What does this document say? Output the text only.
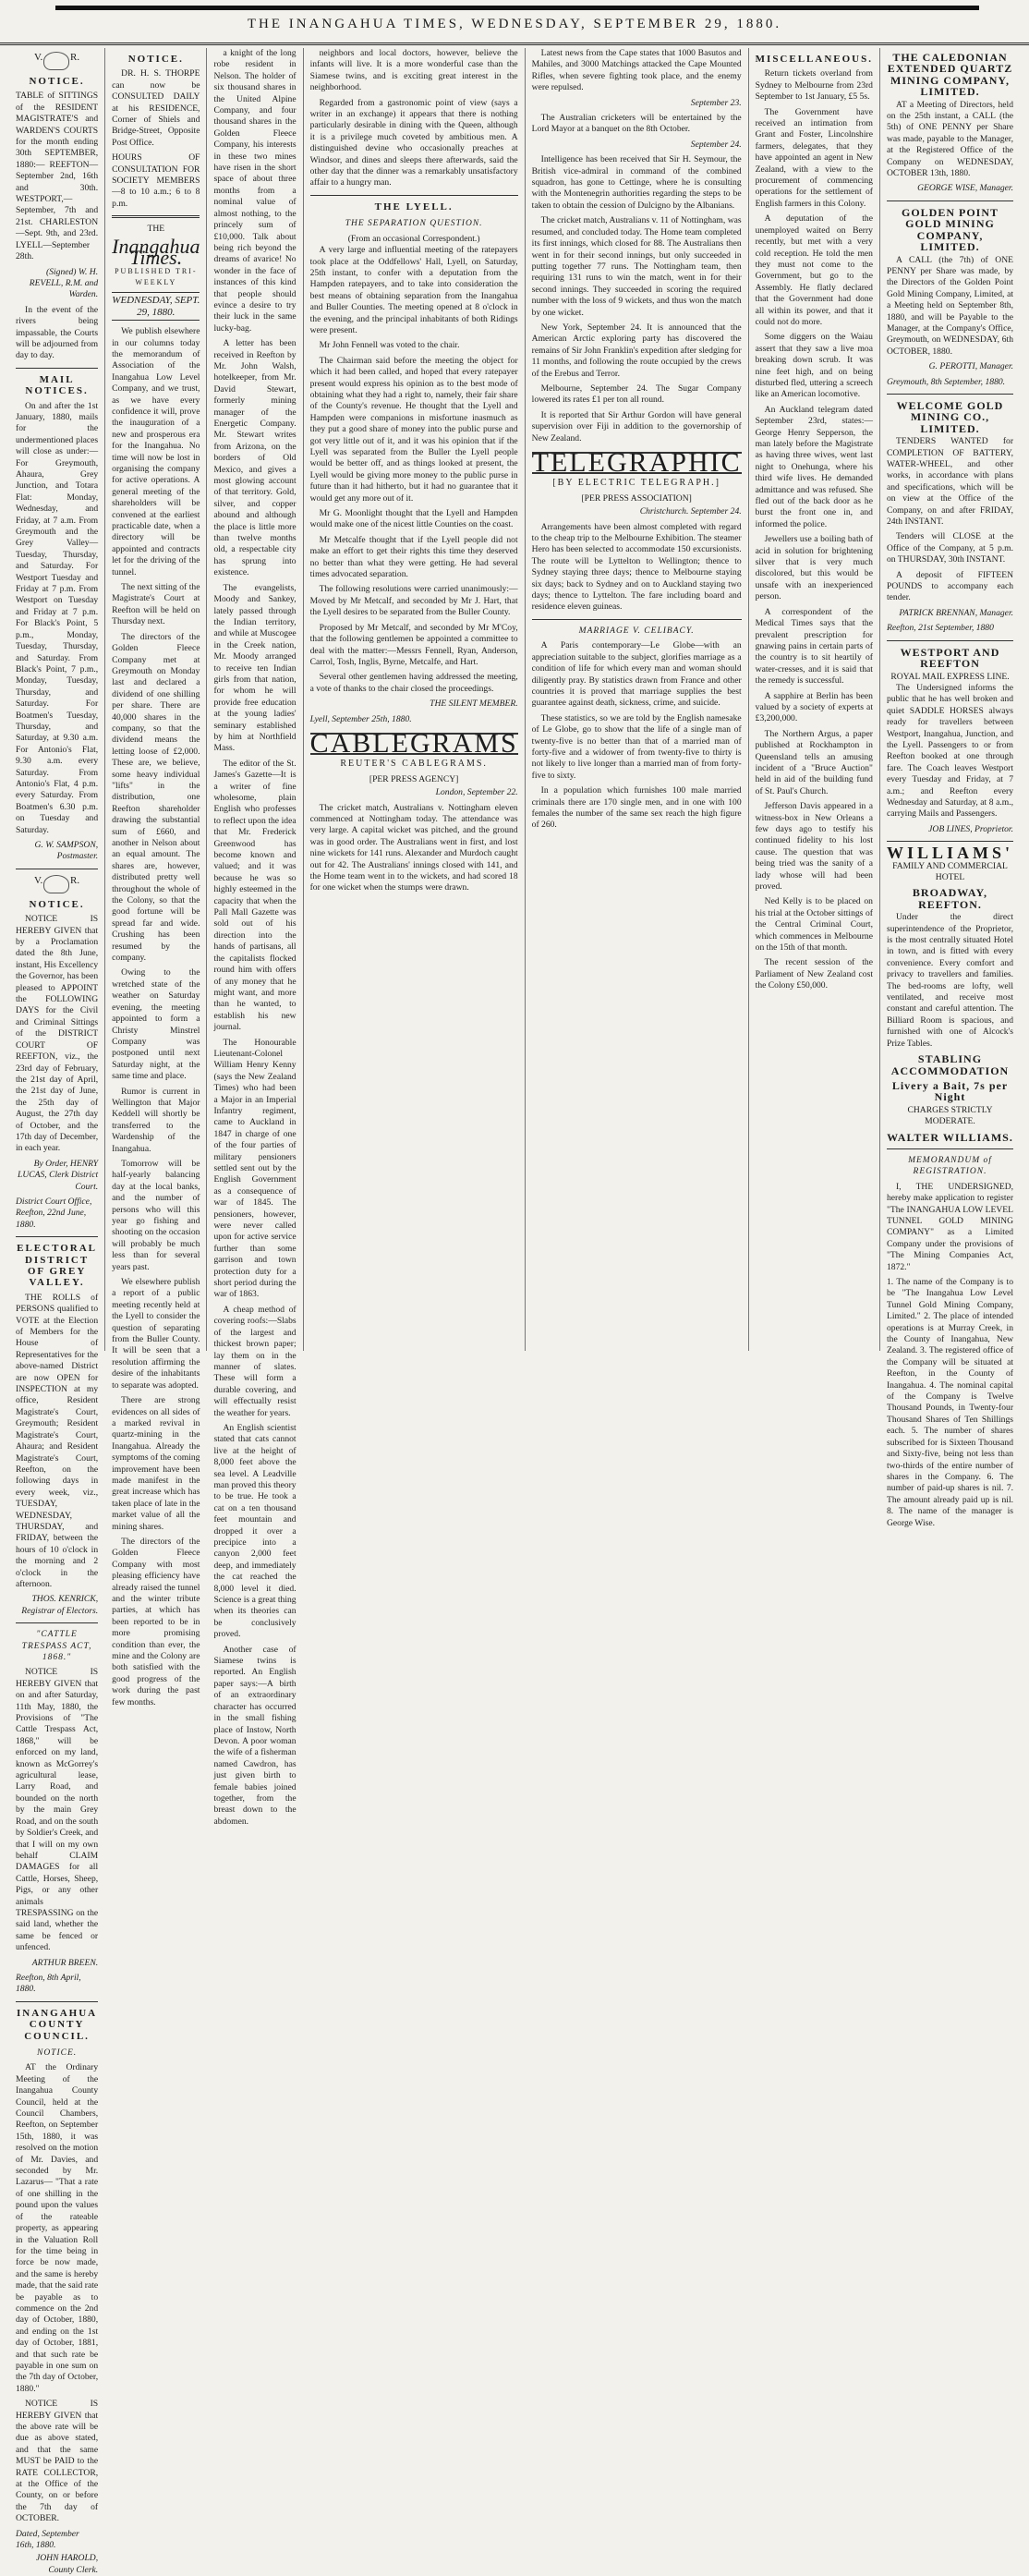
THE INANGAHUA TIMES, WEDNESDAY, SEPTEMBER 29, 1880.
V.	R.
NOTICE.

TABLE of SITTINGS of the RESIDENT MAGISTRATE'S and WARDEN'S COURTS for the month ending 30th SEPTEMBER, 1880:— REEFTON—September 2nd, 16th and 30th. WESTPORT,—September, 7th and 21st. CHARLESTON—Sept. 9th, and 23rd. LYELL—September 28th.

(Signed) W. H. REVELL, R.M. and Warden.

In the event of the rivers being impassable, the Courts will be adjourned from day to day.

MAIL NOTICES.

On and after the 1st January, 1880, mails for the undermentioned places will close as under:— For Greymouth, Ahaura, Grey Junction, and Totara Flat: Monday, Wednesday, and Friday, at 7 a.m. From Greymouth and the Grey Valley—Tuesday, Thursday, and Saturday. For Westport Tuesday and Friday at 7 p.m. From Westport on Tuesday and Friday at 7 p.m. For Black's Point, 5 p.m., Monday, Tuesday, Thursday, and Saturday. From Black's Point, 7 p.m., Monday, Tuesday, Thursday, and Saturday. For Boatmen's Tuesday, Thursday, and Saturday, at 9.30 a.m. For Antonio's Flat, 9.30 a.m. every Saturday. From Antonio's Flat, 4 p.m. every Saturday. From Boatmen's 6.30 p.m. on Tuesday and Saturday.

G. W. SAMPSON, Postmaster.
V.	R.
NOTICE.

NOTICE IS HEREBY GIVEN that by a Proclamation dated the 8th June, instant, His Excellency the Governor, has been pleased to APPOINT the FOLLOWING DAYS for the Civil and Criminal Sittings of the DISTRICT COURT OF REEFTON, viz., the 23rd day of February, the 21st day of April, the 21st day of June, the 25th day of August, the 27th day of October, and the 17th day of December, in each year.

By Order, HENRY LUCAS, Clerk District Court.
District Court Office, Reefton, 22nd June, 1880.
ELECTORAL DISTRICT OF GREY VALLEY.

THE ROLLS of PERSONS qualified to VOTE at the Election of Members for the House of Representatives for the above-named District are now OPEN for INSPECTION at my office, Resident Magistrate's Court, Greymouth; Resident Magistrate's Court, Ahaura; and Resident Magistrate's Court, Reefton, on the following days in every week, viz., TUESDAY, WEDNESDAY, THURSDAY, and FRIDAY, between the hours of 10 o'clock in the morning and 2 o'clock in the afternoon.

THOS. KENRICK, Registrar of Electors.
"CATTLE TRESPASS ACT, 1868."

NOTICE IS HEREBY GIVEN that on and after Saturday, 11th May, 1880, the Provisions of "The Cattle Trespass Act, 1868," will be enforced on my land, known as McGorrey's agricultural lease, Larry Road, and bounded on the north by the main Grey Road, and on the south by Soldier's Creek, and that I will on my own behalf CLAIM DAMAGES for all Cattle, Horses, Sheep, Pigs, or any other animals TRESPASSING on the said land, whether the same be fenced or unfenced.

ARTHUR BREEN.
Reefton, 8th April, 1880.
INANGAHUA COUNTY COUNCIL.
NOTICE.

AT the Ordinary Meeting of the Inangahua County Council, held at the Council Chambers, Reefton, on September 15th, 1880, it was resolved on the motion of Mr. Davies, and seconded by Mr. Lazarus— "That a rate of one shilling in the pound upon the values of the rateable property, as appearing in the Valuation Roll for the time being in force be now made, and the same is hereby made, that the said rate be payable as to commence on the 2nd day of October, 1880, and ending on the 1st day of October, 1881, and that such rate be payable in one sum on the 7th day of October, 1880."

NOTICE IS HEREBY GIVEN that the above rate will be due as above stated, and that the same MUST be PAID to the RATE COLLECTOR, at the Office of the County, on or before the 7th day of OCTOBER.

Dated, September 16th, 1880.
JOHN HAROLD, County Clerk.
NOTICE.

DR. H. S. THORPE can now be CONSULTED DAILY at his RESIDENCE, Corner of Shiels and Bridge-Street, Opposite Post Office.

HOURS OF CONSULTATION FOR SOCIETY MEMBERS—8 to 10 a.m.; 6 to 8 p.m.

THE
Inangahua Times.
PUBLISHED TRI-WEEKLY
WEDNESDAY, SEPT. 29, 1880.

We publish elsewhere in our columns today the memorandum of Association of the Inangahua Low Level Company, and we trust, as we have every confidence it will, prove the inauguration of a new and prosperous era for the Inangahua. No time will now be lost in organising the company for active operations. A general meeting of the shareholders will be convened at the earliest practicable date, when a directory will be appointed and contracts let for the driving of the tunnel.

The next sitting of the Magistrate's Court at Reefton will be held on Thursday next.

The directors of the Golden Fleece Company met at Greymouth on Monday last and declared a dividend of one shilling per share. There are 40,000 shares in the company, so that the dividend means the letting loose of £2,000. These are, we believe, some heavy individual "lifts" in the distribution, one Reefton shareholder drawing the substantial sum of £660, and another in Nelson about an equal amount. The shares are, however, distributed pretty well throughout the whole of the Colony, so that the good fortune will be spread far and wide. Crushing has been resumed by the company.

Owing to the wretched state of the weather on Saturday evening, the meeting appointed to form a Christy Minstrel Company was postponed until next Saturday night, at the same time and place.

Rumor is current in Wellington that Major Keddell will shortly be transferred to the Wardenship of the Inangahua.

Tomorrow will be half-yearly balancing day at the local banks, and the number of persons who will this year go fishing and shooting on the occasion will probably be much less than for several years past.

We elsewhere publish a report of a public meeting recently held at the Lyell to consider the question of separating from the Buller County. It will be seen that a resolution affirming the desire of the inhabitants to separate was adopted.

There are strong evidences on all sides of a marked revival in quartz-mining in the Inangahua. Already the symptoms of the coming improvement have been made manifest in the great increase which has taken place of late in the market value of all the mining shares.

The directors of the Golden Fleece Company with most pleasing efficiency have already raised the tunnel and the winter tribute parties, at which has been reported to be in more promising condition than ever, the mine and the Colony are both satisfied with the good progress of the work during the past few months.

a knight of the long robe resident in Nelson. The holder of six thousand shares in the United Alpine Company, and four thousand shares in the Golden Fleece Company, his interests in these two mines have risen in the short space of about three months from a nominal value of almost nothing, to the princely sum of £10,000. Talk about being rich beyond the dreams of avarice! No wonder in the face of instances of this kind that people should evince a desire to try their luck in the same lucky-bag.

A letter has been received in Reefton by Mr. John Walsh, hotelkeeper, from Mr. David Stewart, formerly mining manager of the Energetic Company. Mr. Stewart writes from Arizona, on the borders of Old Mexico, and gives a most glowing account of that territory. Gold, silver, and copper abound and although the place is little more than twelve months old, a respectable city has sprung into existence.

The evangelists, Moody and Sankey, lately passed through the Indian territory, and while at Muscogee in the Creek nation, Mr. Moody arranged to receive ten Indian girls from that nation, for whom he will provide free education at the young ladies' seminary established by him at Northfield Mass.

The editor of the St. James's Gazette—It is a writer of fine wholesome, plain English who professes to reflect upon the idea that Mr. Frederick Greenwood has become known and valued; and it was because he was so highly esteemed in the capacity that when the Pall Mall Gazette was sold out of his direction into the hands of partisans, all the capitalists flocked round him with offers of any money that he might want, and more than he wanted, to establish his new journal.

The Honourable Lieutenant-Colonel William Henry Kenny (says the New Zealand Times) who had been a Major in an Imperial Infantry regiment, came to Auckland in 1847 in charge of one of the four parties of military pensioners settled sent out by the English Government as a consequence of war of 1845. The pensioners, however, were never called upon for active service further than some garrison and town protection duty for a short period during the war of 1863.

A cheap method of covering roofs:—Slabs of the largest and thickest brown paper; lay them on in the manner of slates. These will form a durable covering, and will effectually resist the weather for years.

An English scientist stated that cats cannot live at the height of 8,000 feet above the sea level. A Leadville man proved this theory to be true. He took a cat on a ten thousand feet mountain and dropped it over a precipice into a canyon 2,000 feet deep, and immediately the cat reached the 8,000 level it died. Science is a great thing when its theories can be conclusively proved.

Another case of Siamese twins is reported. An English paper says:—A birth of an extraordinary character has occurred in the small fishing place of Instow, North Devon. A poor woman the wife of a fisherman named Cawdron, has just given birth to female babies joined together, from the breast down to the abdomen.

neighbors and local doctors, however, believe the infants will live. It is a more wonderful case than the Siamese twins, and is exciting great interest in the neighborhood.

Regarded from a gastronomic point of view (says a writer in an exchange) it appears that there is nothing particularly desirable in dining with the Queen, although it is a privilege much coveted by ambitious men. A distinguished devine who occasionally preaches at Windsor, and dines and sleeps there afterwards, said the other day that the dinner was a remarkably unsatisfactory affair to a hungry man.

THE LYELL.
THE SEPARATION QUESTION.
(From an occasional Correspondent.)

A very large and influential meeting of the ratepayers took place at the Oddfellows' Hall, Lyell, on Saturday, 25th instant, to confer with a deputation from the Hampden ratepayers, and to take into consideration the best means of obtaining separation from the Inangahua and Buller Counties. The meeting opened at 8 o'clock in the evening, and the principal inhabitants of both Ridings were present.

Mr John Fennell was voted to the chair.

The Chairman said before the meeting the object for which it had been called, and hoped that every ratepayer present would express his opinion as to the best mode of obtaining what they had a right to, namely, their fair share of the County's revenue. He thought that the Lyell and Hampden were companions in misfortune inasmuch as they put a good share of money into the public purse and got very little out of it, and it was his opinion that if the Lyell was separated from the Buller the Lyell people would be better off, and as things looked at present, the Lyell would be giving more money to the public purse in future than it had hitherto, but it had no guarantee that it would get any more out of it.

Mr G. Moonlight thought that the Lyell and Hampden would make one of the nicest little Counties on the coast.

Mr Metcalfe thought that if the Lyell people did not make an effort to get their rights this time they deserved no better than what they were getting. He had several times advocated separation.

The following resolutions were carried unanimously:— Moved by Mr Metcalf, and seconded by Mr J. Hart, that the Lyell desires to be separated from the Buller County.

Proposed by Mr Metcalf, and seconded by Mr M'Coy, that the following gentlemen be appointed a committee to deal with the matter:—Messrs Fennell, Ryan, Anderson, Carrol, Tosh, Inglis, Byrne, Metcalfe, and Hart.

Several other gentlemen having addressed the meeting, a vote of thanks to the chair closed the proceedings.

THE SILENT MEMBER.
Lyell, September 25th, 1880.
CABLEGRAMS
REUTER'S CABLEGRAMS.
[PER PRESS AGENCY]
London, September 22.

The cricket match, Australians v. Nottingham eleven commenced at Nottingham today. The attendance was very large. A capital wicket was pitched, and the ground was in good order. The Australians went in first, and lost nine wickets for 141 runs. Alexander and Murdoch caught out for 42. The Australians' innings closed with 141, and the Home team went in to the wickets, and had scored 18 for one wicket when the stumps were drawn.

Latest news from the Cape states that 1000 Basutos and Mahiles, and 3000 Matchings attacked the Cape Mounted Rifles, when severe fighting took place, and the enemy were repulsed.

September 23.

The Australian cricketers will be entertained by the Lord Mayor at a banquet on the 8th October.

September 24.

Intelligence has been received that Sir H. Seymour, the British vice-admiral in command of the combined squadron, has gone to Cettinge, where he is consulting with the Montenegrin authorities regarding the steps to be taken to obtain the cession of Dulcigno by the Albanians.

The cricket match, Australians v. 11 of Nottingham, was resumed, and concluded today. The Home team completed its first innings, which closed for 88. The Australians then went in for their second innings, but only succeeded in putting together 77 runs. The Nottingham team, then requiring 131 runs to win the match, went in for their second innings. They succeeded in scoring the required number with the loss of 9 wickets, and thus won the match by one wicket.

New York, September 24. It is announced that the American Arctic exploring party has discovered the remains of Sir John Franklin's expedition after sledging for 11 months, and following the route occupied by the crews of the Erebus and Terror.

Melbourne, September 24. The Sugar Company lowered its rates £1 per ton all round.

It is reported that Sir Arthur Gordon will have general supervision over Fiji in addition to the governorship of New Zealand.

TELEGRAPHIC
[BY ELECTRIC TELEGRAPH.]
[PER PRESS ASSOCIATION]
Christchurch. September 24.

Arrangements have been almost completed with regard to the cheap trip to the Melbourne Exhibition. The steamer Hero has been selected to accommodate 150 excursionists. The route will be Lyttelton to Wellington; thence to Sydney staying three days; thence to Melbourne staying six days; back to Sydney and on to Auckland staying two days; thence to Lyttelton. The fare including board and residence eleven guineas.

MARRIAGE V. CELIBACY.

A Paris contemporary—Le Globe—with an appreciation suitable to the subject, glorifies marriage as a condition of life for which every man and woman should diligently pray. By statistics drawn from France and other countries it is proved that marriage supplies the best guarantee against death, sickness, crime, and suicide.

These statistics, so we are told by the English namesake of Le Globe, go to show that the life of a single man of twenty-five is no better than that of a married man of forty-five and a widower of from twenty-five to thirty is not likely to live longer than a married man of from forty-five to sixty.

In a population which furnishes 100 male married criminals there are 170 single men, and in one with 100 females the number of the same sex reach the high figure of 260.

MISCELLANEOUS.

Return tickets overland from Sydney to Melbourne from 23rd September to 1st January, £5 5s.

The Government have received an intimation from Grant and Foster, Lincolnshire farmers, delegates, that they have appointed an agent in New Zealand, with a view to the procurement of commencing operations for the settlement of English farmers in this Colony.

A deputation of the unemployed waited on Berry recently, but met with a very cold reception. He told the men they must not come to the Government, but go to the Assembly. He flatly declared that the Government had done all within its power, and that it could not do more.

Some diggers on the Waiau assert that they saw a live moa breaking down scrub. It was nine feet high, and on being disturbed fled, uttering a screech like an American locomotive.

An Auckland telegram dated September 23rd, states:—George Henry Sepperson, the man lately before the Magistrate as having three wives, went last night to Onehunga, where his third wife lives. He demanded admittance and was refused. She fled out of the back door as he burst the front one in, and informed the police.

Jewellers use a boiling bath of acid in solution for brightening silver that is very much discolored, but this would be unsafe with an inexperienced person.

A correspondent of the Medical Times says that the prevalent prescription for gnawing pains in certain parts of the country is to sit heartily of water-cresses, and it is said that the remedy is successful.

A sapphire at Berlin has been valued by a society of experts at £3,200,000.

The Northern Argus, a paper published at Rockhampton in Queensland tells an amusing incident of a "Bruce Auction" held in aid of the building fund of St. Paul's Church.

Jefferson Davis appeared in a witness-box in New Orleans a few days ago to testify his continued fidelity to his lost cause. The question that was being tried was the sanity of a lady whose will had been proved.

Ned Kelly is to be placed on his trial at the October sittings of the Central Criminal Court, which commences in Melbourne on the 15th of that month.

The recent session of the Parliament of New Zealand cost the Colony £50,000.

THE CALEDONIAN EXTENDED QUARTZ MINING COMPANY, LIMITED.

AT a Meeting of Directors, held on the 25th instant, a CALL (the 5th) of ONE PENNY per Share was made, payable to the Manager, at the Registered Office of the Company on WEDNESDAY, OCTOBER 13th, 1880.

GEORGE WISE, Manager.
GOLDEN POINT GOLD MINING COMPANY, LIMITED.

A CALL (the 7th) of ONE PENNY per Share was made, by the Directors of the Golden Point Gold Mining Company, Limited, at a Meeting held on September 8th, 1880, and will be Payable to the Manager, at the Company's Office, Greymouth, on WEDNESDAY, 6th OCTOBER, 1880.

G. PEROTTI, Manager.
Greymouth, 8th September, 1880.
WELCOME GOLD MINING CO., LIMITED.

TENDERS WANTED for COMPLETION OF BATTERY, WATER-WHEEL, and other works, in accordance with plans and specifications, which will be on view at the Office of the Company, on and after FRIDAY, 24th INSTANT.

Tenders will CLOSE at the Office of the Company, at 5 p.m. on THURSDAY, 30th INSTANT.

A deposit of FIFTEEN POUNDS to accompany each tender.

PATRICK BRENNAN, Manager.
Reefton, 21st September, 1880
WESTPORT AND REEFTON
ROYAL MAIL EXPRESS LINE.

The Undersigned informs the public that he has well broken and quiet SADDLE HORSES always ready for travellers between Westport, Inangahua, Junction, and the Lyell. Passengers to or from Reefton booked at one through fare. The Coach leaves Westport every Tuesday and Friday, at 7 a.m.; and Reefton every Wednesday and Saturday, at 8 a.m., carrying Mails and Passengers.

JOB LINES, Proprietor.
WILLIAMS'
FAMILY AND COMMERCIAL HOTEL
BROADWAY, REEFTON.

Under the direct superintendence of the Proprietor, is the most centrally situated Hotel in town, and is fitted with every convenience. Every comfort and privacy to travellers and families. The bed-rooms are lofty, well ventilated, and receive most constant and careful attention. The Billiard Room is spacious, and furnished with one of Alcock's Prize Tables.

STABLING ACCOMMODATION
Livery a Bait, 7s per Night
CHARGES STRICTLY MODERATE.
WALTER WILLIAMS.
MEMORANDUM of REGISTRATION.

I, THE UNDERSIGNED, hereby make application to register "The INANGAHUA LOW LEVEL TUNNEL GOLD MINING COMPANY" as a Limited Company under the provisions of "The Mining Companies Act, 1872."

1. The name of the Company is to be "The Inangahua Low Level Tunnel Gold Mining Company, Limited." 2. The place of intended operations is at Murray Creek, in the County of Inangahua, New Zealand. 3. The registered office of the Company will be situated at Reefton, in the County of Inangahua. 4. The nominal capital of the Company is Twelve Thousand Pounds, in Twenty-four Thousand Shares of Ten Shillings each. 5. The number of shares subscribed for is Sixteen Thousand and Sixty-five, being not less than two-thirds of the entire number of shares in the Company. 6. The number of paid-up shares is nil. 7. The amount already paid up is nil. 8. The name of the manager is George Wise.
